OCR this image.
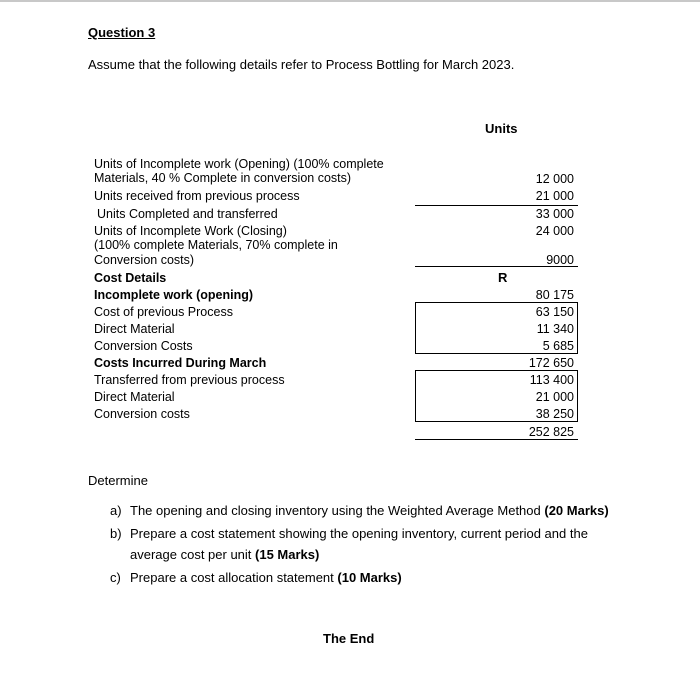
Question 3
Assume that the following details refer to Process Bottling for March 2023.
Units
R
Units of Incomplete work (Opening) (100% complete
Materials, 40 % Complete in conversion costs)
Units received from previous process
Units Completed and transferred
Units of Incomplete Work (Closing)
(100% complete Materials, 70% complete in
Conversion costs)
Cost Details
Incomplete work (opening)
Cost of previous Process
Direct Material
Conversion Costs
Costs Incurred During March
Transferred from previous process
Direct Material
Conversion costs
12 000
21 000
33 000
24 000
9000
80 175
63 150
11 340
5 685
172 650
113 400
21 000
38 250
252 825
Determine
a) The opening and closing inventory using the Weighted Average Method (20 Marks)
b) Prepare a cost statement showing the opening inventory, current period and the
average cost per unit (15 Marks)
c) Prepare a cost allocation statement (10 Marks)
The End
